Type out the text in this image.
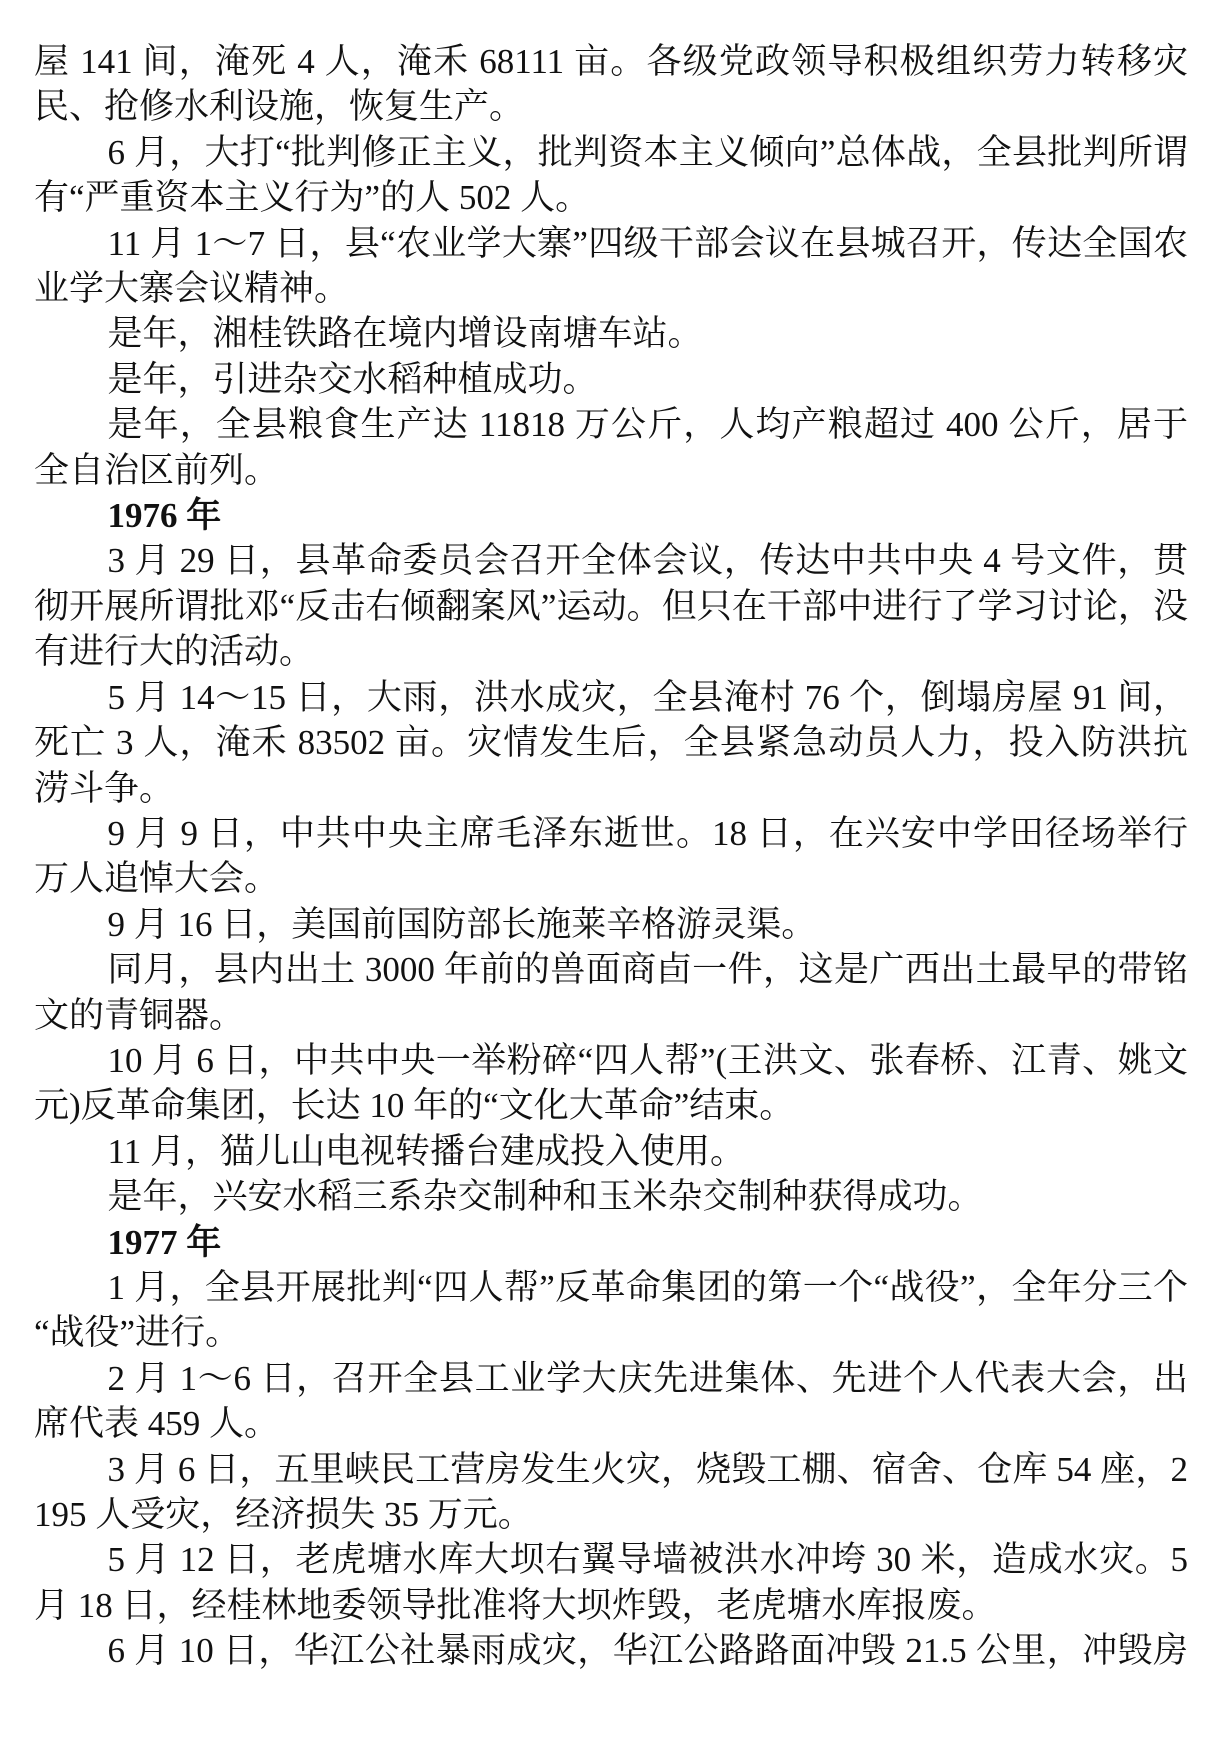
屋 141 间，淹死 4 人，淹禾 68111 亩。各级党政领导积极组织劳力转移灾民、抢修水利设施，恢复生产。

6 月，大打“批判修正主义，批判资本主义倾向”总体战，全县批判所谓有“严重资本主义行为”的人 502 人。

11 月 1～7 日，县“农业学大寨”四级干部会议在县城召开，传达全国农业学大寨会议精神。

是年，湘桂铁路在境内增设南塘车站。

是年，引进杂交水稻种植成功。

是年，全县粮食生产达 11818 万公斤，人均产粮超过 400 公斤，居于全自治区前列。

1976 年

3 月 29 日，县革命委员会召开全体会议，传达中共中央 4 号文件，贯彻开展所谓批邓“反击右倾翻案风”运动。但只在干部中进行了学习讨论，没有进行大的活动。

5 月 14～15 日，大雨，洪水成灾，全县淹村 76 个，倒塌房屋 91 间，死亡 3 人，淹禾 83502 亩。灾情发生后，全县紧急动员人力，投入防洪抗涝斗争。

9 月 9 日，中共中央主席毛泽东逝世。18 日，在兴安中学田径场举行万人追悼大会。

9 月 16 日，美国前国防部长施莱辛格游灵渠。

同月，县内出土 3000 年前的兽面商卣一件，这是广西出土最早的带铭文的青铜器。

10 月 6 日，中共中央一举粉碎“四人帮”(王洪文、张春桥、江青、姚文元)反革命集团，长达 10 年的“文化大革命”结束。

11 月，猫儿山电视转播台建成投入使用。

是年，兴安水稻三系杂交制种和玉米杂交制种获得成功。

1977 年

1 月，全县开展批判“四人帮”反革命集团的第一个“战役”，全年分三个“战役”进行。

2 月 1～6 日，召开全县工业学大庆先进集体、先进个人代表大会，出席代表 459 人。

3 月 6 日，五里峡民工营房发生火灾，烧毁工棚、宿舍、仓库 54 座，2195 人受灾，经济损失 35 万元。

5 月 12 日，老虎塘水库大坝右翼导墙被洪水冲垮 30 米，造成水灾。5 月 18 日，经桂林地委领导批准将大坝炸毁，老虎塘水库报废。

6 月 10 日，华江公社暴雨成灾，华江公路路面冲毁 21.5 公里，冲毁房
